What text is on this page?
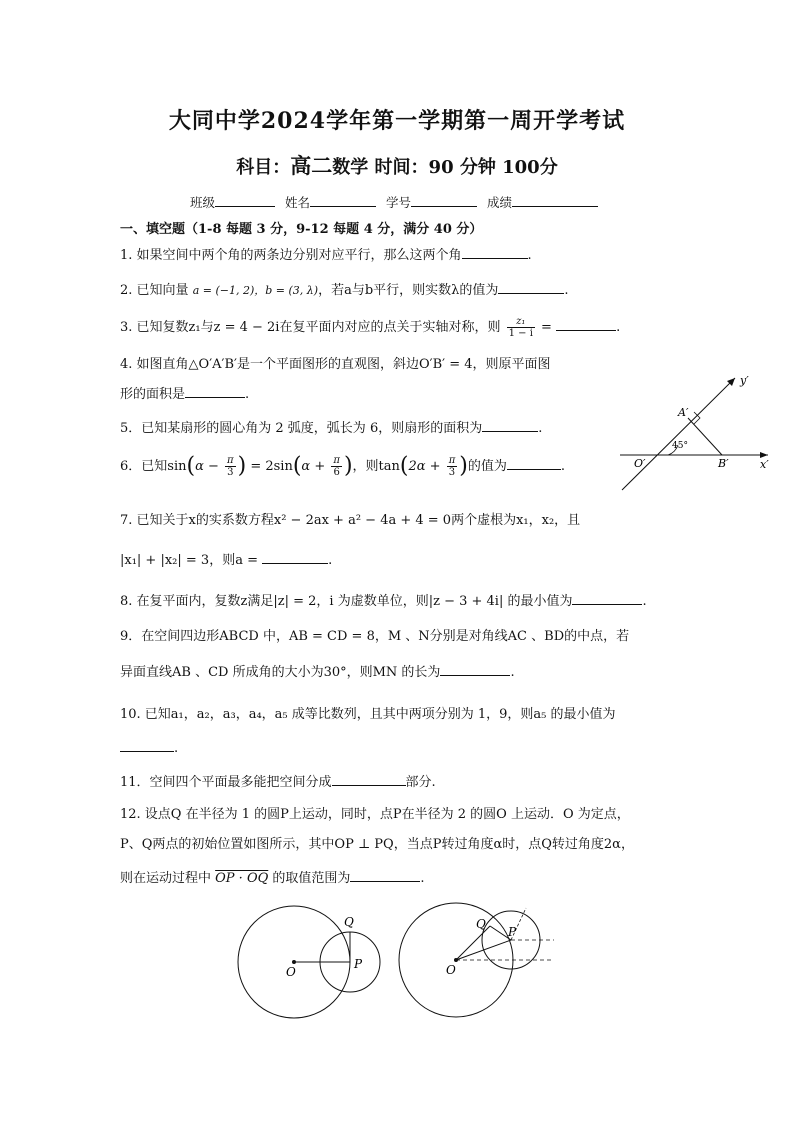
大同中学2024学年第一学期第一周开学考试
科目：高二数学 时间：90 分钟 100分
班级	姓名	学号	成绩
一、填空题（1-8 每题 3 分，9-12 每题 4 分，满分 40 分）
1. 如果空间中两个角的两条边分别对应平行，那么这两个角	.
2. 已知向量 a = (−1, 2)，b = (3, λ)，若a与b平行，则实数λ的值为	.
3. 已知复数z₁与z = 4 − 2i在复平面内对应的点关于实轴对称，则 $\frac{\text{z₁}}{1 - i}$ =	.
4. 如图直角△O′A′B′是一个平面图形的直观图，斜边O′B′ = 4，则原平面图
形的面积是	.
5．已知某扇形的圆心角为 2 弧度，弧长为 6，则扇形的面积为	.
6．已知$\sin(\alpha - \frac{\pi}{3}$ ) = $2\sin(\alpha + \frac{\pi}{6}$ )，则$\tan(2\alpha + \frac{\pi}{3}$ )的值为	.
7. 已知关于x的实系数方程x² − 2ax + a² − 4a + 4 = 0两个虚根为x₁，x₂，且
|x₁| + |x₂| = 3，则a =	.
8. 在复平面内，复数z满足|z| = 2，i 为虚数单位，则|z − 3 + 4i| 的最小值为	.
9．在空间四边形ABCD 中，AB = CD = 8，M 、N分别是对角线AC 、BD的中点，若
异面直线AB 、CD 所成角的大小为30°，则MN 的长为	.
10. 已知a₁，a₂，a₃，a₄，a₅ 成等比数列，且其中两项分别为 1，9，则a₅ 的最小值为
.
11．空间四个平面最多能把空间分成	部分.
12. 设点Q 在半径为 1 的圆P上运动，同时，点P在半径为 2 的圆O 上运动．O 为定点，
P、Q两点的初始位置如图所示，其中OP ⊥ PQ，当点P转过角度α时，点Q转过角度2α，
则在运动过程中 OP · OQ 的取值范围为	.
45°
y′
x′
O′
A′
B′
O
P
Q
O
P
Q
